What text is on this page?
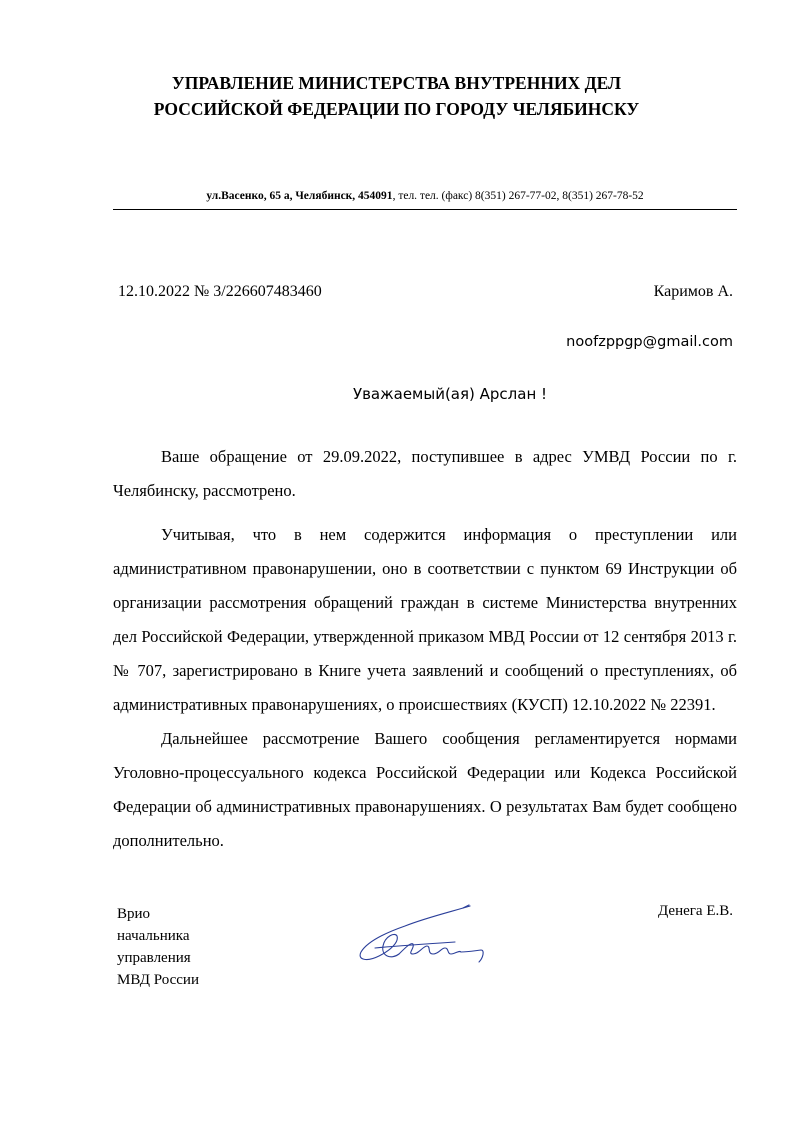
УПРАВЛЕНИЕ МИНИСТЕРСТВА ВНУТРЕННИХ ДЕЛ
РОССИЙСКОЙ ФЕДЕРАЦИИ ПО ГОРОДУ ЧЕЛЯБИНСКУ
ул.Васенко, 65 а, Челябинск, 454091, тел. тел. (факс) 8(351) 267-77-02, 8(351) 267-78-52
12.10.2022 № 3/226607483460	Каримов А.
noofzppgp@gmail.com
Уважаемый(ая) Арслан !

Ваше обращение от 29.09.2022, поступившее в адрес УМВД России по г. Челябинску, рассмотрено.

Учитывая, что в нем содержится информация о преступлении или административном правонарушении, оно в соответствии с пунктом 69 Инструкции об организации рассмотрения обращений граждан в системе Министерства внутренних дел Российской Федерации, утвержденной приказом МВД России от 12 сентября 2013 г. № 707, зарегистрировано в Книге учета заявлений и сообщений о преступлениях, об административных правонарушениях, о происшествиях (КУСП) 12.10.2022 № 22391.

Дальнейшее рассмотрение Вашего сообщения регламентируется нормами Уголовно-процессуального кодекса Российской Федерации или Кодекса Российской Федерации об административных правонарушениях. О результатах Вам будет сообщено дополнительно.

Врио
начальника
управления
МВД России
Денега Е.В.
